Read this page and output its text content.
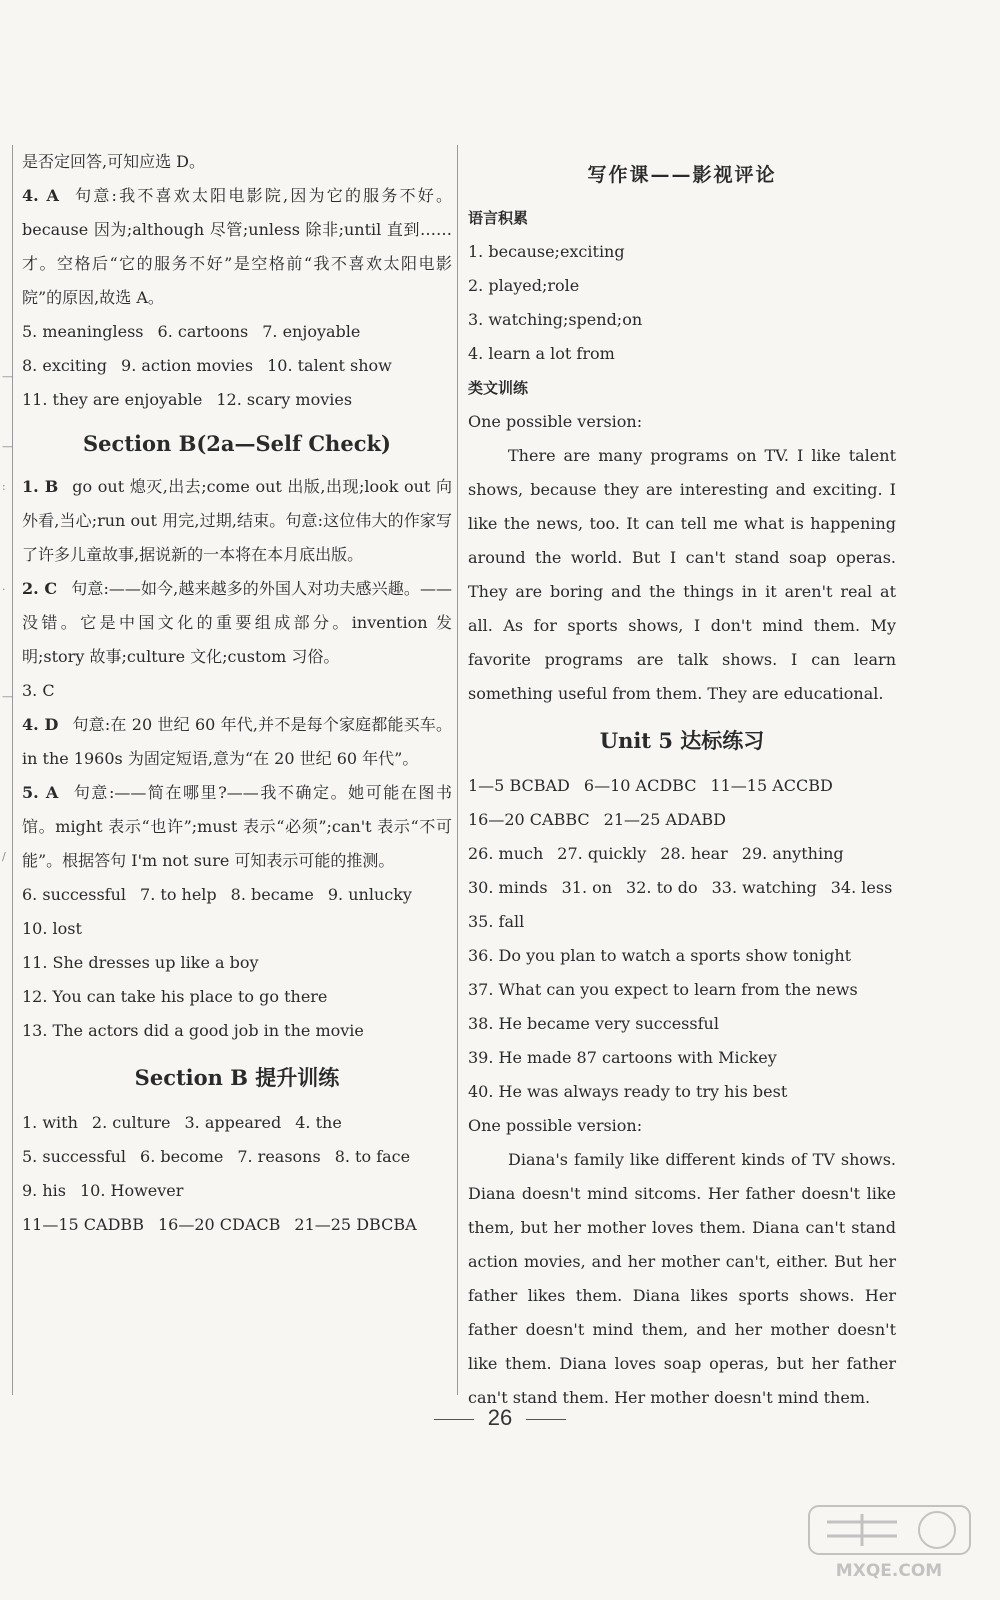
—
—
:
.
—
/

是否定回答,可知应选 D。

4. A 句意:我不喜欢太阳电影院,因为它的服务不好。because 因为;although 尽管;unless 除非;until 直到……才。空格后“它的服务不好”是空格前“我不喜欢太阳电影院”的原因,故选 A。

5. meaningless 6. cartoons 7. enjoyable

8. exciting 9. action movies 10. talent show

11. they are enjoyable 12. scary movies

Section B(2a—Self Check)

1. B go out 熄灭,出去;come out 出版,出现;look out 向外看,当心;run out 用完,过期,结束。句意:这位伟大的作家写了许多儿童故事,据说新的一本将在本月底出版。

2. C 句意:——如今,越来越多的外国人对功夫感兴趣。——没错。它是中国文化的重要组成部分。invention 发明;story 故事;culture 文化;custom 习俗。

3. C

4. D 句意:在 20 世纪 60 年代,并不是每个家庭都能买车。in the 1960s 为固定短语,意为“在 20 世纪 60 年代”。

5. A 句意:——简在哪里?——我不确定。她可能在图书馆。might 表示“也许”;must 表示“必须”;can't 表示“不可能”。根据答句 I'm not sure 可知表示可能的推测。

6. successful 7. to help 8. became 9. unlucky

10. lost

11. She dresses up like a boy

12. You can take his place to go there

13. The actors did a good job in the movie

Section B 提升训练

1. with 2. culture 3. appeared 4. the

5. successful 6. become 7. reasons 8. to face

9. his 10. However

11—15 CADBB 16—20 CDACB 21—25 DBCBA

写作课——影视评论

语言积累

1. because;exciting

2. played;role

3. watching;spend;on

4. learn a lot from

类文训练

One possible version:

There are many programs on TV. I like talent shows, because they are interesting and exciting. I like the news, too. It can tell me what is happening around the world. But I can't stand soap operas. They are boring and the things in it aren't real at all. As for sports shows, I don't mind them. My favorite programs are talk shows. I can learn something useful from them. They are educational.

Unit 5 达标练习

1—5 BCBAD 6—10 ACDBC 11—15 ACCBD

16—20 CABBC 21—25 ADABD

26. much 27. quickly 28. hear 29. anything

30. minds 31. on 32. to do 33. watching 34. less

35. fall

36. Do you plan to watch a sports show tonight

37. What can you expect to learn from the news

38. He became very successful

39. He made 87 cartoons with Mickey

40. He was always ready to try his best

One possible version:

Diana's family like different kinds of TV shows. Diana doesn't mind sitcoms. Her father doesn't like them, but her mother loves them. Diana can't stand action movies, and her mother can't, either. But her father likes them. Diana likes sports shows. Her father doesn't mind them, and her mother doesn't like them. Diana loves soap operas, but her father can't stand them. Her mother doesn't mind them.

26
MXQE.COM
